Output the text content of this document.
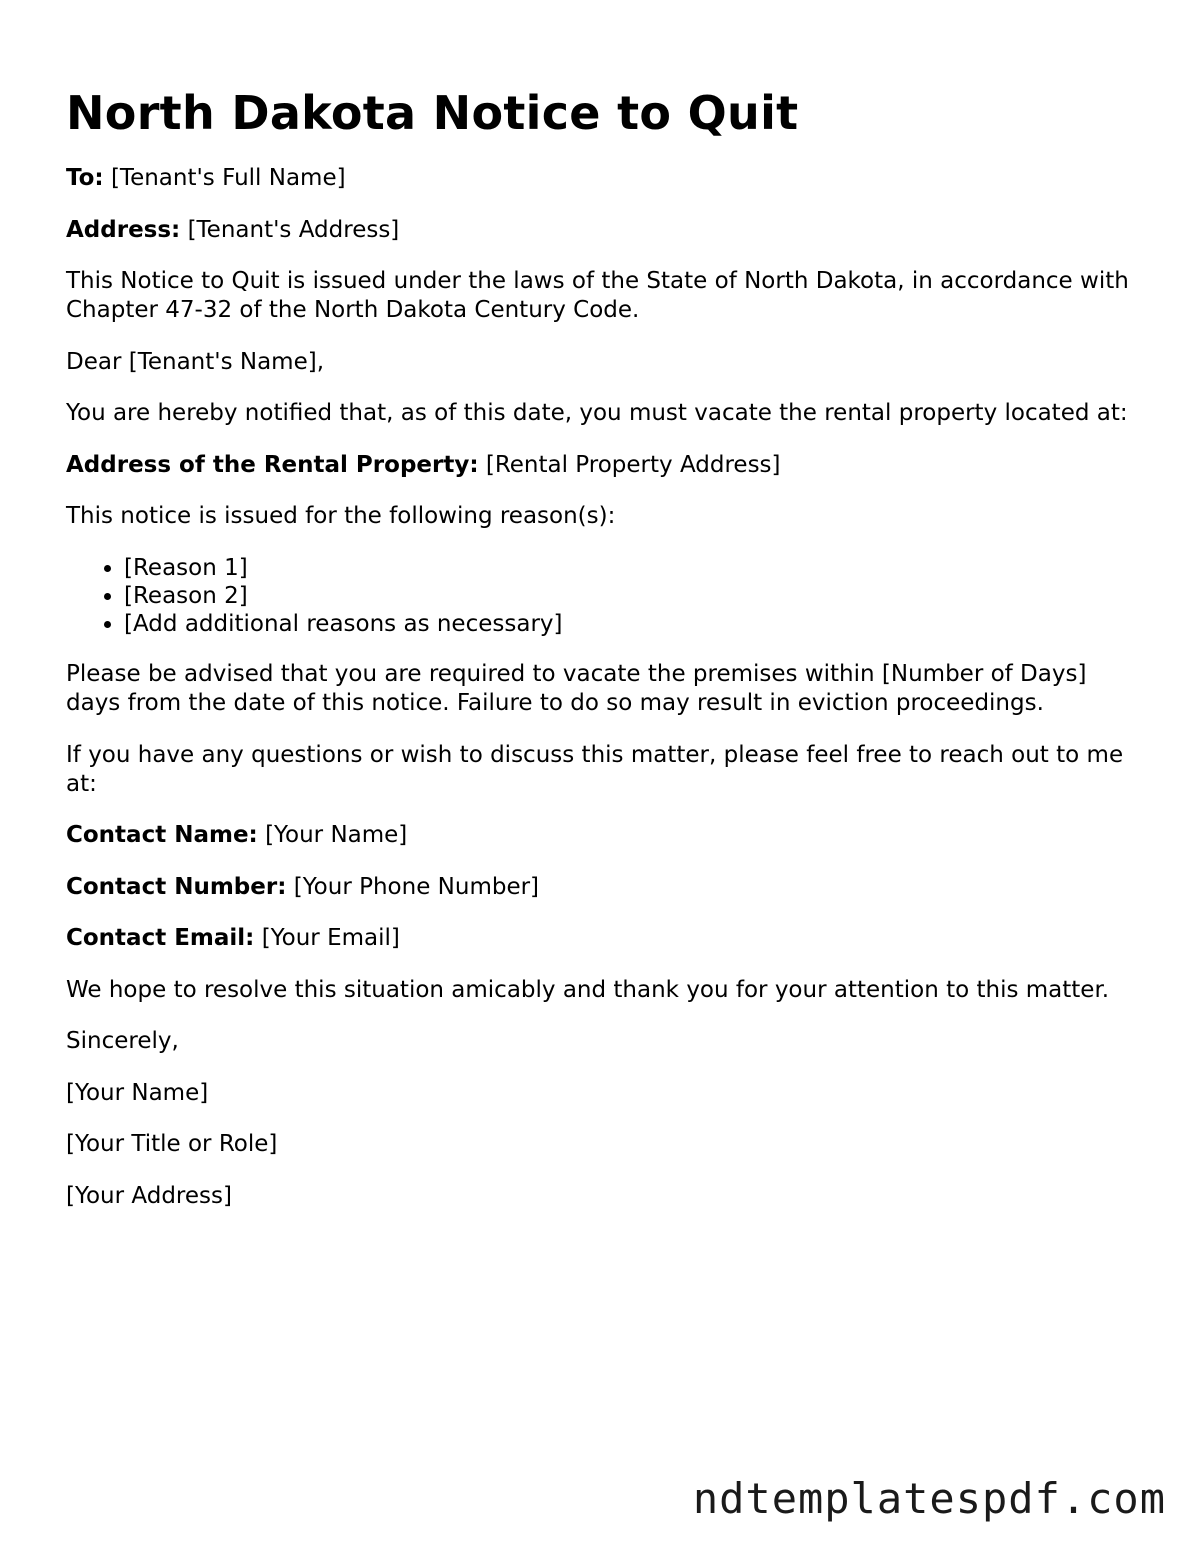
North Dakota Notice to Quit

To: [Tenant's Full Name]

Address: [Tenant's Address]

This Notice to Quit is issued under the laws of the State of North Dakota, in accordance with Chapter 47-32 of the North Dakota Century Code.

Dear [Tenant's Name],

You are hereby notified that, as of this date, you must vacate the rental property located at:

Address of the Rental Property: [Rental Property Address]

This notice is issued for the following reason(s):

• [Reason 1]
• [Reason 2]
• [Add additional reasons as necessary]

Please be advised that you are required to vacate the premises within [Number of Days] days from the date of this notice. Failure to do so may result in eviction proceedings.

If you have any questions or wish to discuss this matter, please feel free to reach out to me at:

Contact Name: [Your Name]

Contact Number: [Your Phone Number]

Contact Email: [Your Email]

We hope to resolve this situation amicably and thank you for your attention to this matter.

Sincerely,

[Your Name]

[Your Title or Role]

[Your Address]

ndtemplatespdf.com
